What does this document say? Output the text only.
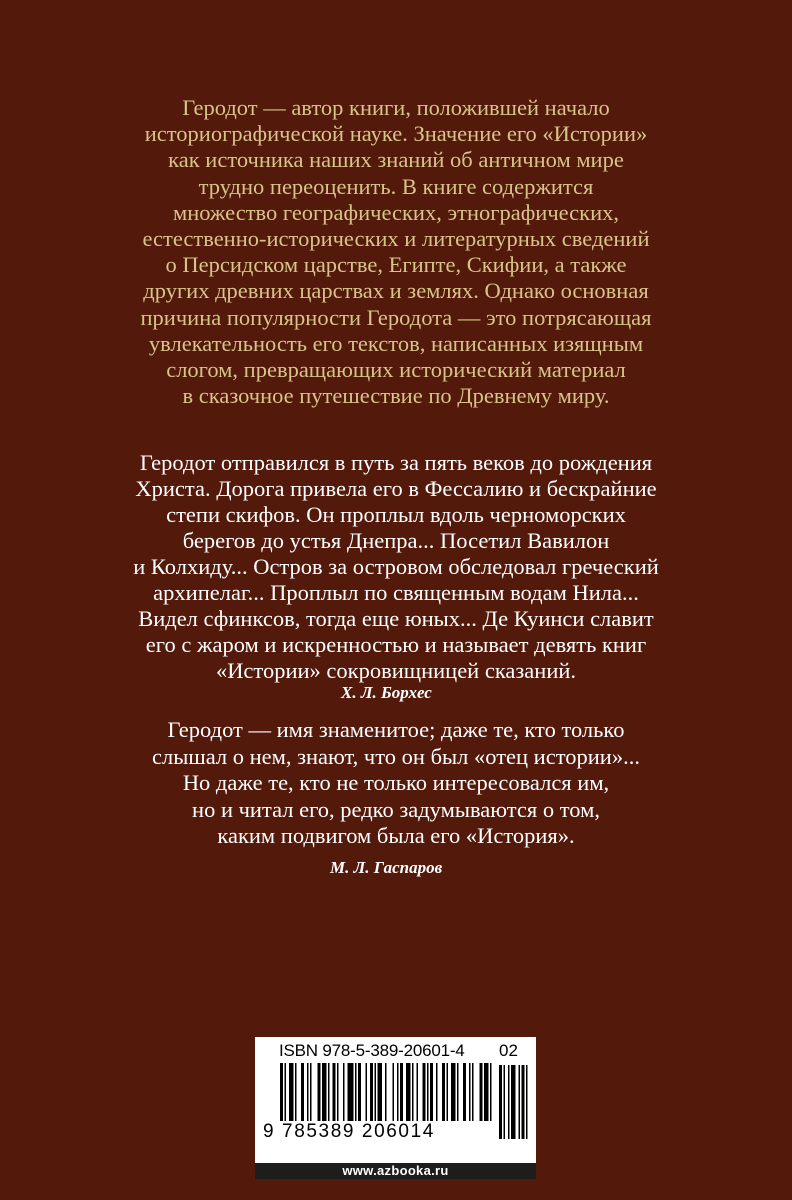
Геродот — автор книги, положившей начало
историографической науке. Значение его «Истории»
как источника наших знаний об античном мире
трудно переоценить. В книге содержится
множество географических, этнографических,
естественно-исторических и литературных сведений
о Персидском царстве, Египте, Скифии, а также
других древних царствах и землях. Однако основная
причина популярности Геродота — это потрясающая
увлекательность его текстов, написанных изящным
слогом, превращающих исторический материал
в сказочное путешествие по Древнему миру.
Геродот отправился в путь за пять веков до рождения
Христа. Дорога привела его в Фессалию и бескрайние
степи скифов. Он проплыл вдоль черноморских
берегов до устья Днепра... Посетил Вавилон
и Колхиду... Остров за островом обследовал греческий
архипелаг... Проплыл по священным водам Нила...
Видел сфинксов, тогда еще юных... Де Куинси славит
его с жаром и искренностью и называет девять книг
«Истории» сокровищницей сказаний.

Х. Л. Борхес

Геродот — имя знаменитое; даже те, кто только
слышал о нем, знают, что он был «отец истории»...
Но даже те, кто не только интересовался им,
но и читал его, редко задумываются о том,
каким подвигом была его «История».

М. Л. Гаспаров

ISBN 978-5-389-20601-4 02

9 785389 206014

www.azbooka.ru
